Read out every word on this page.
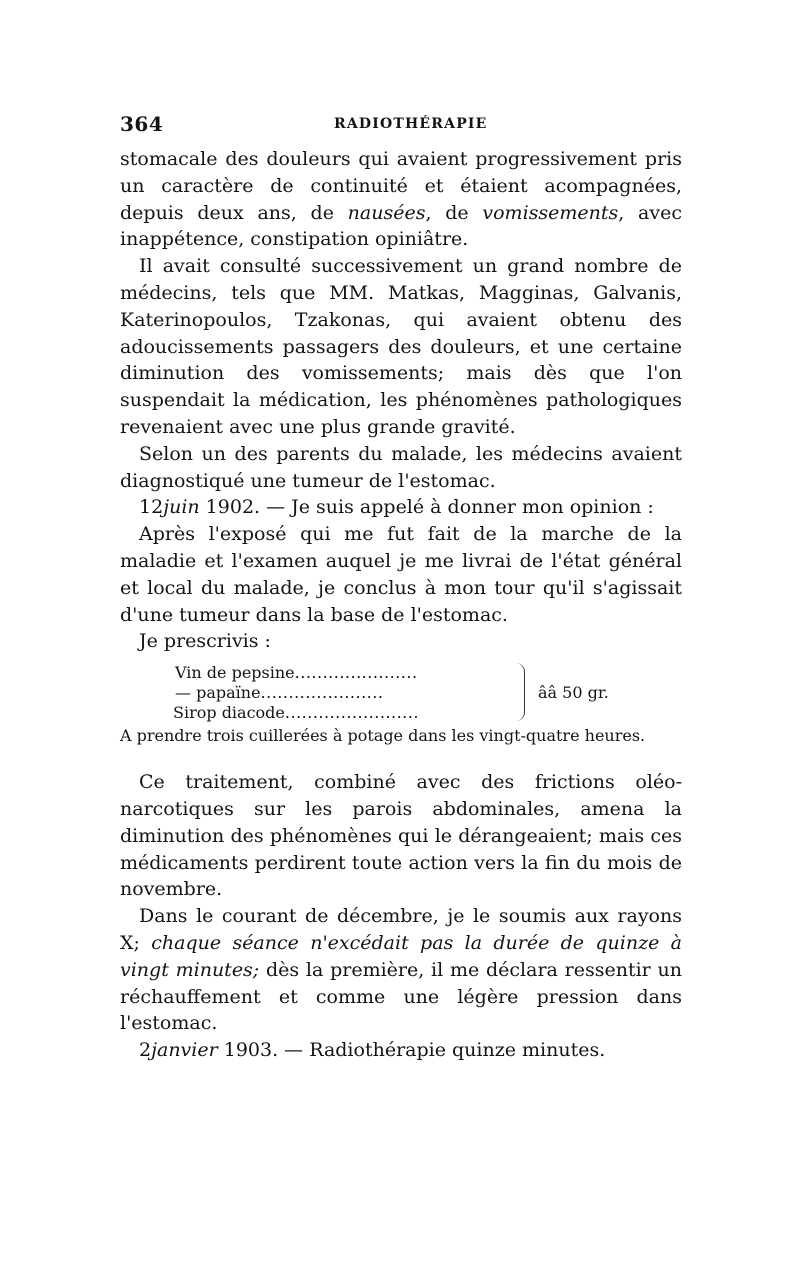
364	RADIOTHÉRAPIE

stomacale des douleurs qui avaient progressivement pris un caractère de continuité et étaient acompagnées, depuis deux ans, de nausées, de vomissements, avec inappétence, constipation opiniâtre.

Il avait consulté successivement un grand nombre de médecins, tels que MM. Matkas, Magginas, Galvanis, Katerinopoulos, Tzakonas, qui avaient obtenu des adoucissements passagers des douleurs, et une certaine diminution des vomissements; mais dès que l'on suspendait la médication, les phénomènes pathologiques revenaient avec une plus grande gravité.

Selon un des parents du malade, les médecins avaient diagnostiqué une tumeur de l'estomac.

12juin 1902. — Je suis appelé à donner mon opinion :

Après l'exposé qui me fut fait de la marche de la maladie et l'examen auquel je me livrai de l'état général et local du malade, je conclus à mon tour qu'il s'agissait d'une tumeur dans la base de l'estomac.

Je prescrivis :

Vin de pepsine......................
— papaïne......................
Sirop diacode........................
ââ 50 gr.

A prendre trois cuillerées à potage dans les vingt-quatre heures.

Ce traitement, combiné avec des frictions oléo-narcotiques sur les parois abdominales, amena la diminution des phénomènes qui le dérangeaient; mais ces médicaments perdirent toute action vers la fin du mois de novembre.

Dans le courant de décembre, je le soumis aux rayons X; chaque séance n'excédait pas la durée de quinze à vingt minutes; dès la première, il me déclara ressentir un réchauffement et comme une légère pression dans l'estomac.

2janvier 1903. — Radiothérapie quinze minutes.
